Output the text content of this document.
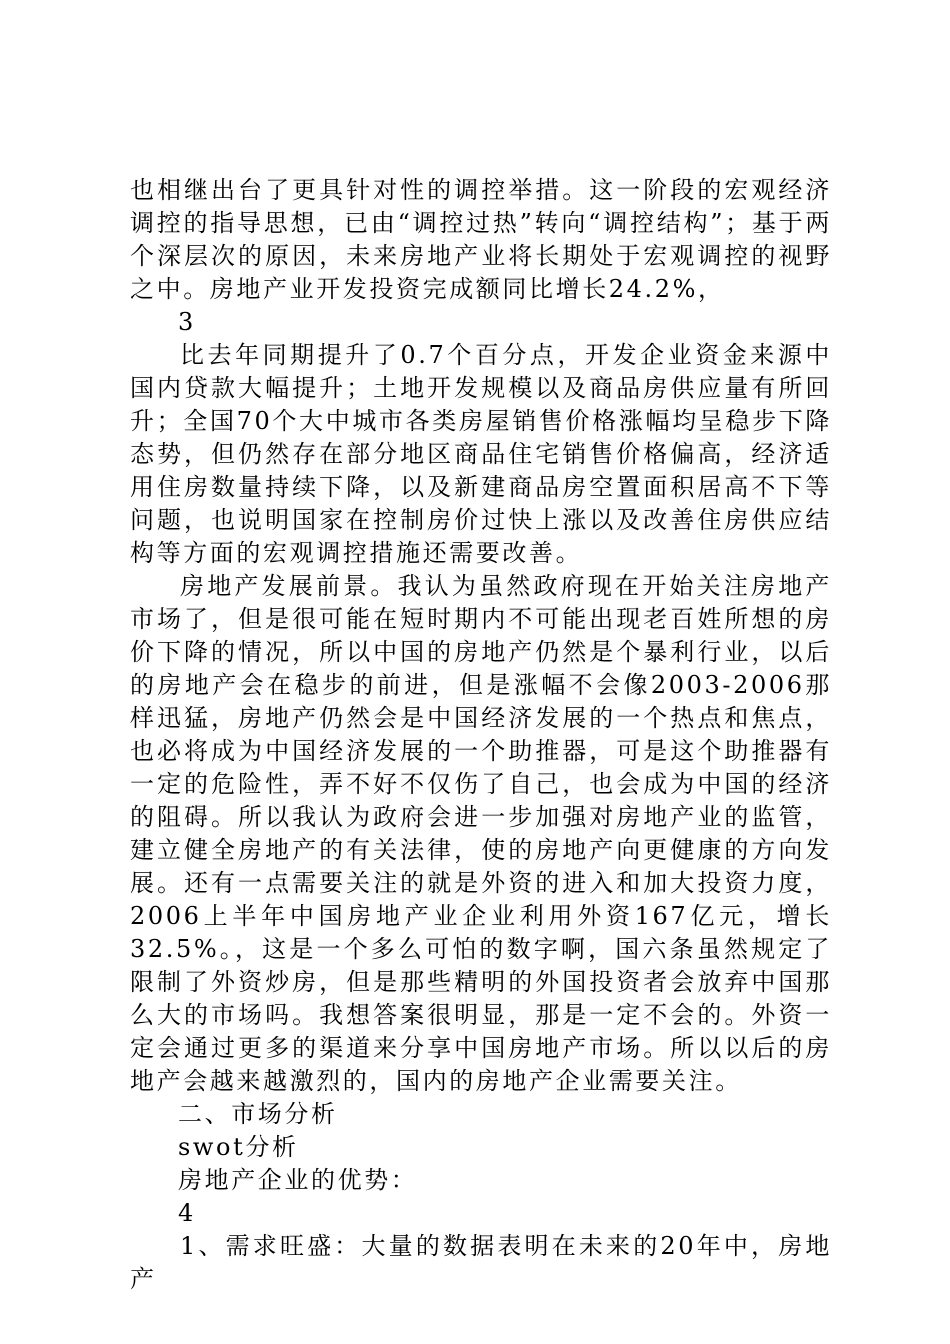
也相继出台了更具针对性的调控举措。这一阶段的宏观经济调控的指导思想，已由“调控过热”转向“调控结构”；基于两个深层次的原因，未来房地产业将长期处于宏观调控的视野之中。房地产业开发投资完成额同比增长24.2%，

3

比去年同期提升了0.7个百分点，开发企业资金来源中国内贷款大幅提升；土地开发规模以及商品房供应量有所回升；全国70个大中城市各类房屋销售价格涨幅均呈稳步下降态势，但仍然存在部分地区商品住宅销售价格偏高，经济适用住房数量持续下降，以及新建商品房空置面积居高不下等问题，也说明国家在控制房价过快上涨以及改善住房供应结构等方面的宏观调控措施还需要改善。

房地产发展前景。我认为虽然政府现在开始关注房地产市场了，但是很可能在短时期内不可能出现老百姓所想的房价下降的情况，所以中国的房地产仍然是个暴利行业，以后的房地产会在稳步的前进，但是涨幅不会像2003-2006那样迅猛，房地产仍然会是中国经济发展的一个热点和焦点，也必将成为中国经济发展的一个助推器，可是这个助推器有一定的危险性，弄不好不仅伤了自己，也会成为中国的经济的阻碍。所以我认为政府会进一步加强对房地产业的监管，建立健全房地产的有关法律，使的房地产向更健康的方向发展。还有一点需要关注的就是外资的进入和加大投资力度，2006上半年中国房地产业企业利用外资167亿元，增长32.5%。，这是一个多么可怕的数字啊，国六条虽然规定了限制了外资炒房，但是那些精明的外国投资者会放弃中国那么大的市场吗。我想答案很明显，那是一定不会的。外资一定会通过更多的渠道来分享中国房地产市场。所以以后的房地产会越来越激烈的，国内的房地产企业需要关注。

二、市场分析

swot分析

房地产企业的优势：

4

1、需求旺盛：大量的数据表明在未来的20年中，房地产
